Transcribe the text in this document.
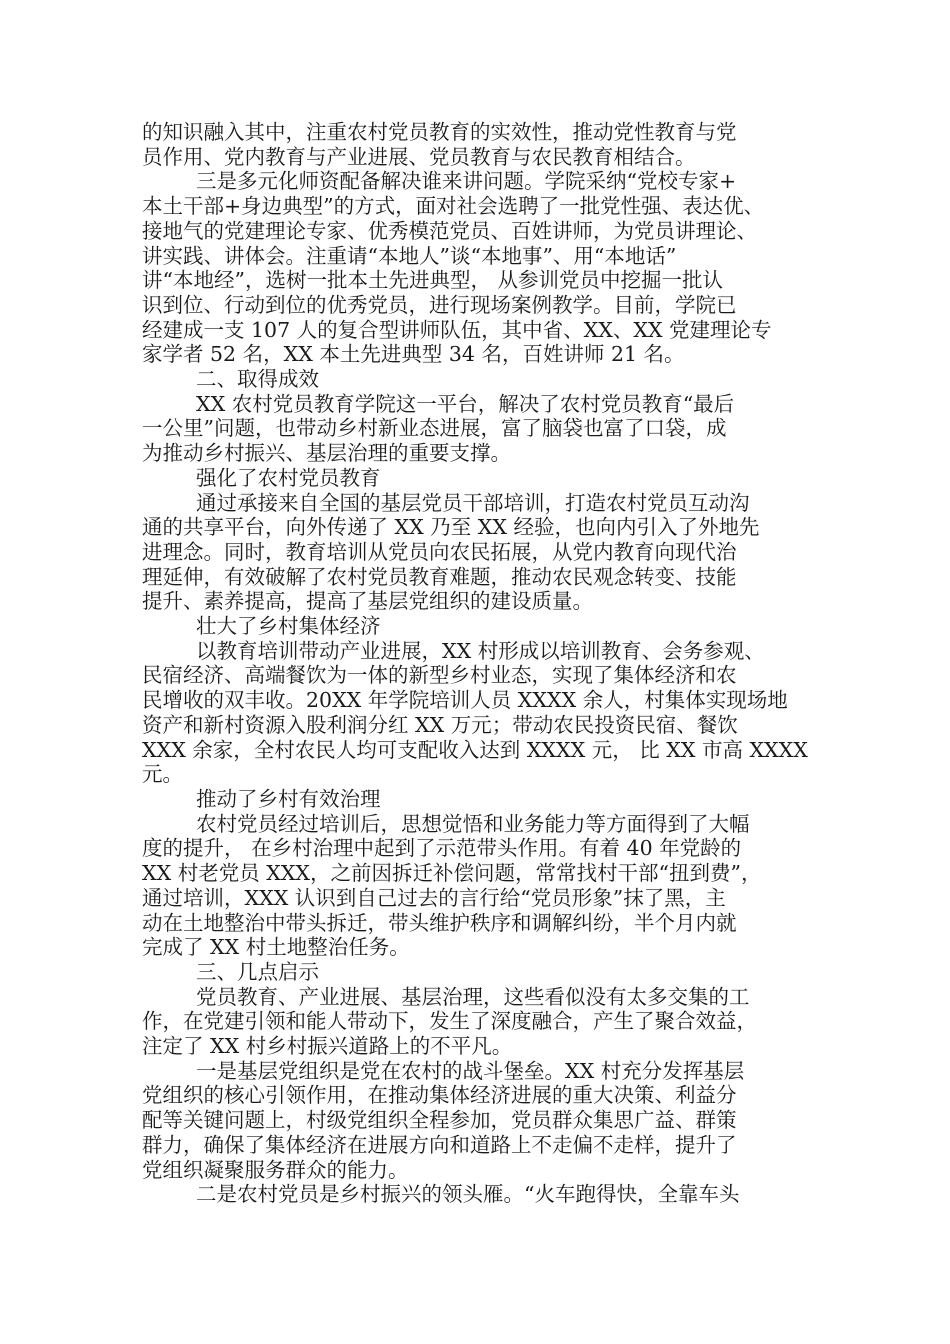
的知识融入其中，注重农村党员教育的实效性，推动党性教育与党
员作用、党内教育与产业进展、党员教育与农民教育相结合。
三是多元化师资配备解决谁来讲问题。学院采纳“党校专家+
本土干部+身边典型”的方式，面对社会选聘了一批党性强、表达优、
接地气的党建理论专家、优秀模范党员、百姓讲师，为党员讲理论、
讲实践、讲体会。注重请“本地人”谈“本地事”、用“本地话”
讲“本地经”，选树一批本土先进典型， 从参训党员中挖掘一批认
识到位、行动到位的优秀党员，进行现场案例教学。目前，学院已
经建成一支 107 人的复合型讲师队伍，其中省、XX、XX 党建理论专
家学者 52 名，XX 本土先进典型 34 名，百姓讲师 21 名。
二、取得成效
XX 农村党员教育学院这一平台，解决了农村党员教育“最后
一公里”问题，也带动乡村新业态进展，富了脑袋也富了口袋，成
为推动乡村振兴、基层治理的重要支撑。
强化了农村党员教育
通过承接来自全国的基层党员干部培训，打造农村党员互动沟
通的共享平台，向外传递了 XX 乃至 XX 经验，也向内引入了外地先
进理念。同时，教育培训从党员向农民拓展，从党内教育向现代治
理延伸，有效破解了农村党员教育难题，推动农民观念转变、技能
提升、素养提高，提高了基层党组织的建设质量。
壮大了乡村集体经济
以教育培训带动产业进展，XX 村形成以培训教育、会务参观、
民宿经济、高端餐饮为一体的新型乡村业态，实现了集体经济和农
民增收的双丰收。20XX 年学院培训人员 XXXX 余人，村集体实现场地
资产和新村资源入股利润分红 XX 万元；带动农民投资民宿、餐饮
XXX 余家，全村农民人均可支配收入达到 XXXX 元， 比 XX 市高 XXXX
元。
推动了乡村有效治理
农村党员经过培训后，思想觉悟和业务能力等方面得到了大幅
度的提升， 在乡村治理中起到了示范带头作用。有着 40 年党龄的
XX 村老党员 XXX，之前因拆迁补偿问题，常常找村干部“扭到费”，
通过培训，XXX 认识到自己过去的言行给“党员形象”抹了黑，主
动在土地整治中带头拆迁，带头维护秩序和调解纠纷，半个月内就
完成了 XX 村土地整治任务。
三、几点启示
党员教育、产业进展、基层治理，这些看似没有太多交集的工
作，在党建引领和能人带动下，发生了深度融合，产生了聚合效益，
注定了 XX 村乡村振兴道路上的不平凡。
一是基层党组织是党在农村的战斗堡垒。XX 村充分发挥基层
党组织的核心引领作用，在推动集体经济进展的重大决策、利益分
配等关键问题上，村级党组织全程参加，党员群众集思广益、群策
群力，确保了集体经济在进展方向和道路上不走偏不走样，提升了
党组织凝聚服务群众的能力。
二是农村党员是乡村振兴的领头雁。“火车跑得快，全靠车头
